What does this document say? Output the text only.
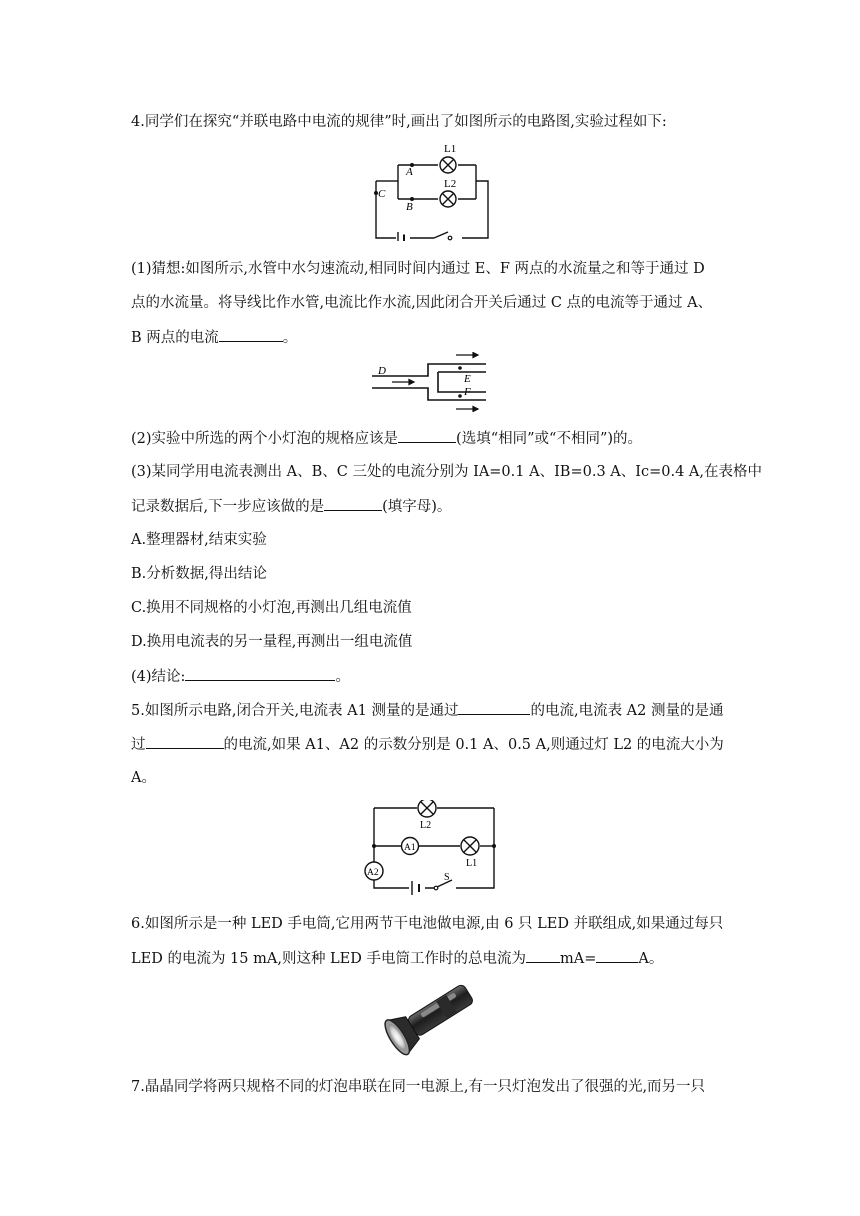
4.同学们在探究“并联电路中电流的规律”时,画出了如图所示的电路图,实验过程如下:
L1
L2
A
B
C
(1)猜想:如图所示,水管中水匀速流动,相同时间内通过 E、F 两点的水流量之和等于通过 D
点的水流量。将导线比作水管,电流比作水流,因此闭合开关后通过 C 点的电流等于通过 A、
B 两点的电流	。
D
E
F
(2)实验中所选的两个小灯泡的规格应该是	(选填“相同”或“不相同”)的。
(3)某同学用电流表测出 A、B、C 三处的电流分别为 IA=0.1 A、IB=0.3 A、Ic=0.4 A,在表格中
记录数据后,下一步应该做的是	(填字母)。
A.整理器材,结束实验
B.分析数据,得出结论
C.换用不同规格的小灯泡,再测出几组电流值
D.换用电流表的另一量程,再测出一组电流值
(4)结论:	。
5.如图所示电路,闭合开关,电流表 A1 测量的是通过	的电流,电流表 A2 测量的是通
过	的电流,如果 A1、A2 的示数分别是 0.1 A、0.5 A,则通过灯 L2 的电流大小为
A。
L2
A1
L1
A2	S
6.如图所示是一种 LED 手电筒,它用两节干电池做电源,由 6 只 LED 并联组成,如果通过每只
LED 的电流为 15 mA,则这种 LED 手电筒工作时的总电流为 mA=	A。
7.晶晶同学将两只规格不同的灯泡串联在同一电源上,有一只灯泡发出了很强的光,而另一只
